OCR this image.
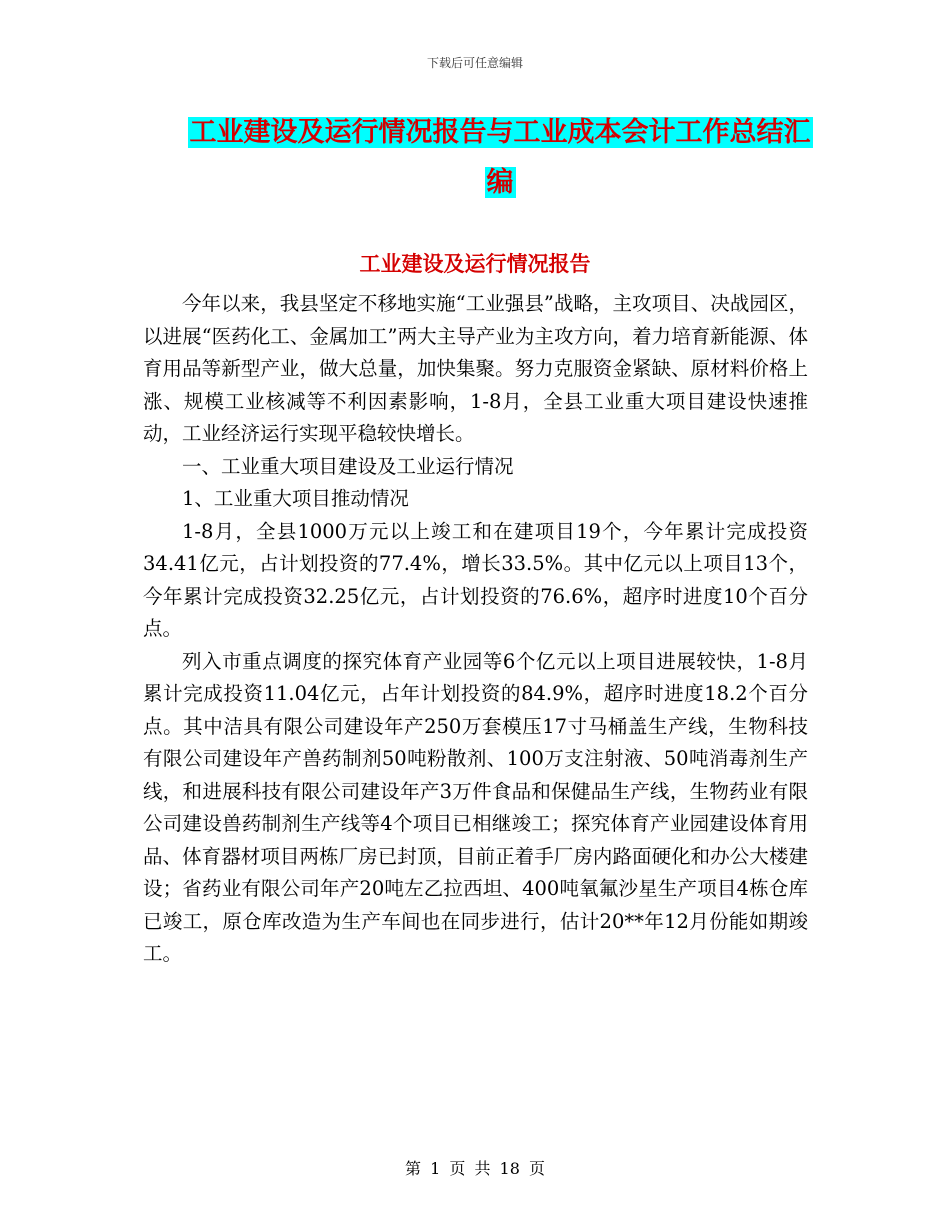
下载后可任意编辑
工业建设及运行情况报告与工业成本会计工作总结汇
编
工业建设及运行情况报告

今年以来，我县坚定不移地实施“工业强县”战略，主攻项目、决战园区，以进展“医药化工、金属加工”两大主导产业为主攻方向，着力培育新能源、体育用品等新型产业，做大总量，加快集聚。努力克服资金紧缺、原材料价格上涨、规模工业核减等不利因素影响，1-8月，全县工业重大项目建设快速推动，工业经济运行实现平稳较快增长。

一、工业重大项目建设及工业运行情况

1、工业重大项目推动情况

1-8月，全县1000万元以上竣工和在建项目19个，今年累计完成投资34.41亿元，占计划投资的77.4%，增长33.5%。其中亿元以上项目13个，今年累计完成投资32.25亿元，占计划投资的76.6%，超序时进度10个百分点。

列入市重点调度的探究体育产业园等6个亿元以上项目进展较快，1-8月累计完成投资11.04亿元，占年计划投资的84.9%，超序时进度18.2个百分点。其中洁具有限公司建设年产250万套模压17寸马桶盖生产线，生物科技有限公司建设年产兽药制剂50吨粉散剂、100万支注射液、50吨消毒剂生产线，和进展科技有限公司建设年产3万件食品和保健品生产线，生物药业有限公司建设兽药制剂生产线等4个项目已相继竣工；探究体育产业园建设体育用品、体育器材项目两栋厂房已封顶，目前正着手厂房内路面硬化和办公大楼建设；省药业有限公司年产20吨左乙拉西坦、400吨氧氟沙星生产项目4栋仓库已竣工，原仓库改造为生产车间也在同步进行，估计20**年12月份能如期竣工。

第 1 页 共 18 页
